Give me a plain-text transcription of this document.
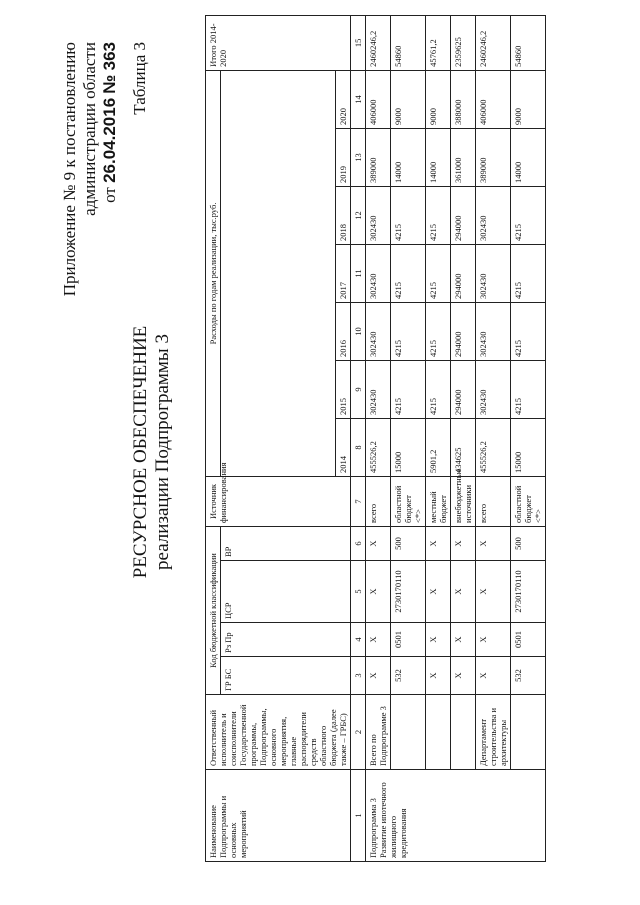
Приложение № 9 к постановлению администрации области от 26.04.2016 № 363 Таблица 3
РЕСУРСНОЕ ОБЕСПЕЧЕНИЕ реализации Подпрограммы 3
Наименование Подпрограммы и основных мероприятий	Ответственный исполнитель и соисполнители Государственной программы, Подпрограммы, основного мероприятия, главные распорядители средств областного бюджета (далее также – ГРБС)	Код бюджетной классификации				Источник финансирования	Расходы по годам реализации, тыс.руб.							Итого 2014-2020
		ГР БС	Рз Пр	ЦСР	ВР									
							2014	2015	2016	2017	2018	2019	2020	
1	2	3	4	5	6	7	8	9	10	11	12	13	14	15
Подпрограмма 3 Развитие ипотечного жилищного кредитования	Всего по Подпрограмме 3	X	X	X	X	всего	455526,2	302430	302430	302430	302430	389000	406000	2460246,2
		532	0501	2730170110	500	областной бюджет <*>	15000	4215	4215	4215	4215	14000	9000	54860
		X	X	X	X	местный бюджет	5901,2	4215	4215	4215	4215	14000	9000	45761,2
		X	X	X	X	внебюджетные источники	434625	294000	294000	294000	294000	361000	388000	2359625
	Департамент строительства и архитектуры	X	X	X	X	всего	455526,2	302430	302430	302430	302430	389000	406000	2460246,2
		532	0501	2730170110	500	областной бюджет <*>	15000	4215	4215	4215	4215	14000	9000	54860
